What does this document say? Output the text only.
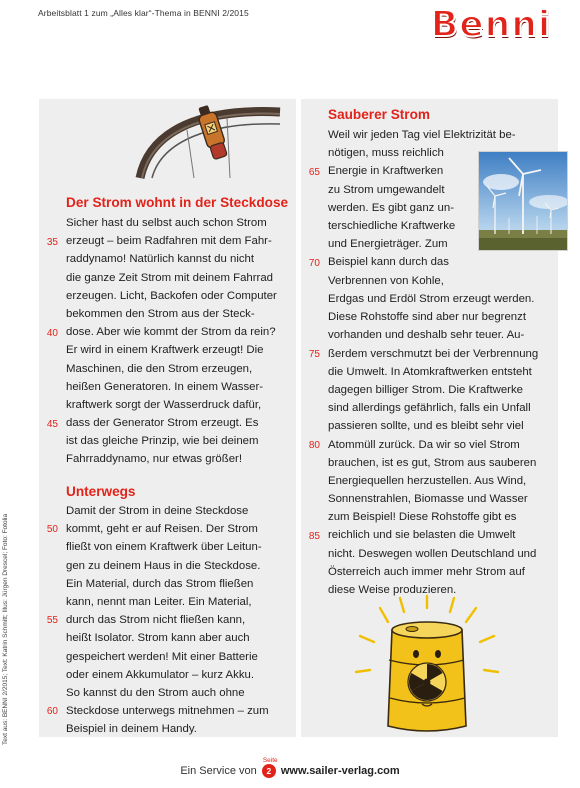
Arbeitsblatt 1 zum „Alles klar“-Thema in BENNI 2/2015	Benni
Der Strom wohnt in der Steckdose
Sicher hast du selbst auch schon Strom
erzeugt – beim Radfahren mit dem Fahr-
raddynamo! Natürlich kannst du nicht
die ganze Zeit Strom mit deinem Fahrrad
erzeugen. Licht, Backofen oder Computer
bekommen den Strom aus der Steck-
dose. Aber wie kommt der Strom da rein?
Er wird in einem Kraftwerk erzeugt! Die
Maschinen, die den Strom erzeugen,
heißen Generatoren. In einem Wasser-
kraftwerk sorgt der Wasserdruck dafür,
dass der Generator Strom erzeugt. Es
ist das gleiche Prinzip, wie bei deinem
Fahrraddynamo, nur etwas größer!
Unterwegs
Damit der Strom in deine Steckdose
kommt, geht er auf Reisen. Der Strom
fließt von einem Kraftwerk über Leitun-
gen zu deinem Haus in die Steckdose.
Ein Material, durch das Strom fließen
kann, nennt man Leiter. Ein Material,
durch das Strom nicht fließen kann,
heißt Isolator. Strom kann aber auch
gespeichert werden! Mit einer Batterie
oder einem Akkumulator – kurz Akku.
So kannst du den Strom auch ohne
Steckdose unterwegs mitnehmen – zum
Beispiel in deinem Handy.
35
40
45
50
55
60
Sauberer Strom
Weil wir jeden Tag viel Elektrizität be-
nötigen, muss reichlich
Energie in Kraftwerken
zu Strom umgewandelt
werden. Es gibt ganz un-
terschiedliche Kraftwerke
und Energieträger. Zum
Beispiel kann durch das
Verbrennen von Kohle,
Erdgas und Erdöl Strom erzeugt werden.
Diese Rohstoffe sind aber nur begrenzt
vorhanden und deshalb sehr teuer. Au-
ßerdem verschmutzt bei der Verbrennung
die Umwelt. In Atomkraftwerken entsteht
dagegen billiger Strom. Die Kraftwerke
sind allerdings gefährlich, falls ein Unfall
passieren sollte, und es bleibt sehr viel
Atommüll zurück. Da wir so viel Strom
brauchen, ist es gut, Strom aus sauberen
Energiequellen herzustellen. Aus Wind,
Sonnenstrahlen, Biomasse und Wasser
zum Beispiel! Diese Rohstoffe gibt es
reichlich und sie belasten die Umwelt
nicht. Deswegen wollen Deutschland und
Österreich auch immer mehr Strom auf
diese Weise produzieren.
65
70
75
80
85
Text aus: BENNI 2/2015; Text: Katrin Schmitt; Illus: Jürgen Drescel; Foto: Fotolia
Ein Service von
Seite
2 www.sailer-verlag.com
